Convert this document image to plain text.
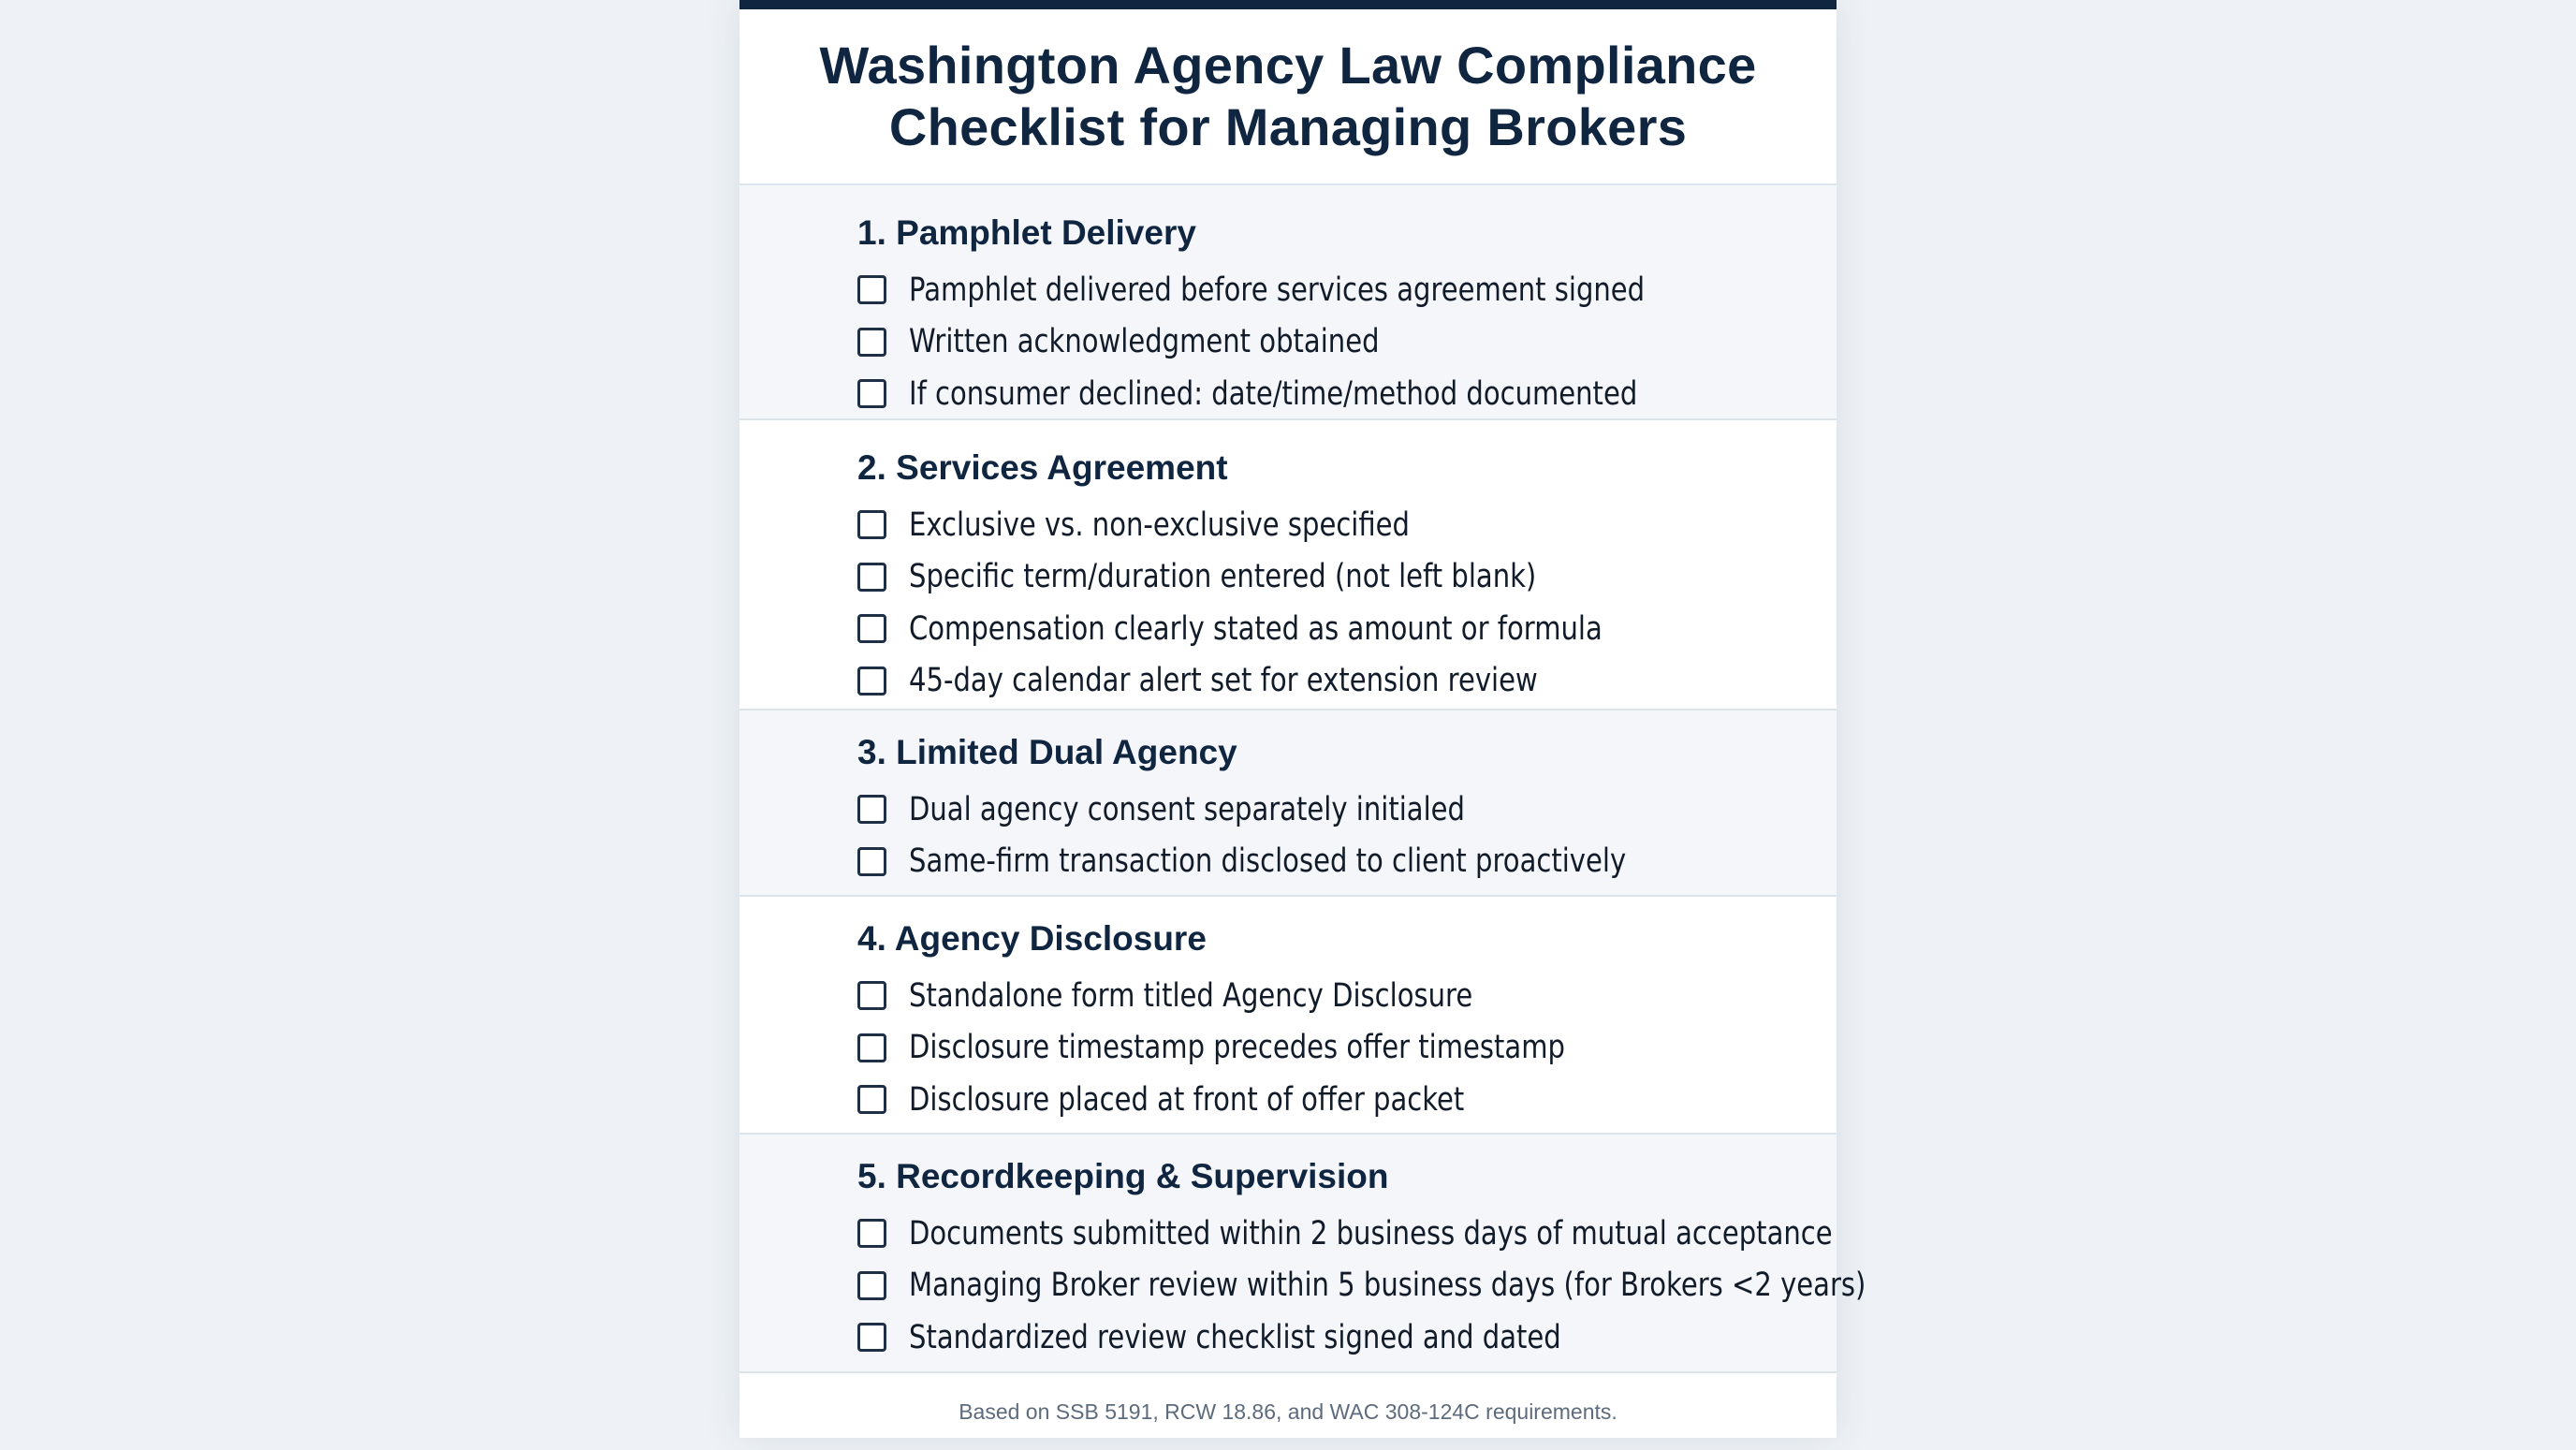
Washington Agency Law Compliance
Checklist for Managing Brokers
1. Pamphlet Delivery
Pamphlet delivered before services agreement signed
Written acknowledgment obtained
If consumer declined: date/time/method documented
2. Services Agreement
Exclusive vs. non-exclusive specified
Specific term/duration entered (not left blank)
Compensation clearly stated as amount or formula
45-day calendar alert set for extension review
3. Limited Dual Agency
Dual agency consent separately initialed
Same-firm transaction disclosed to client proactively
4. Agency Disclosure
Standalone form titled Agency Disclosure
Disclosure timestamp precedes offer timestamp
Disclosure placed at front of offer packet
5. Recordkeeping & Supervision
Documents submitted within 2 business days of mutual acceptance
Managing Broker review within 5 business days (for Brokers <2 years)
Standardized review checklist signed and dated
Based on SSB 5191, RCW 18.86, and WAC 308-124C requirements.
